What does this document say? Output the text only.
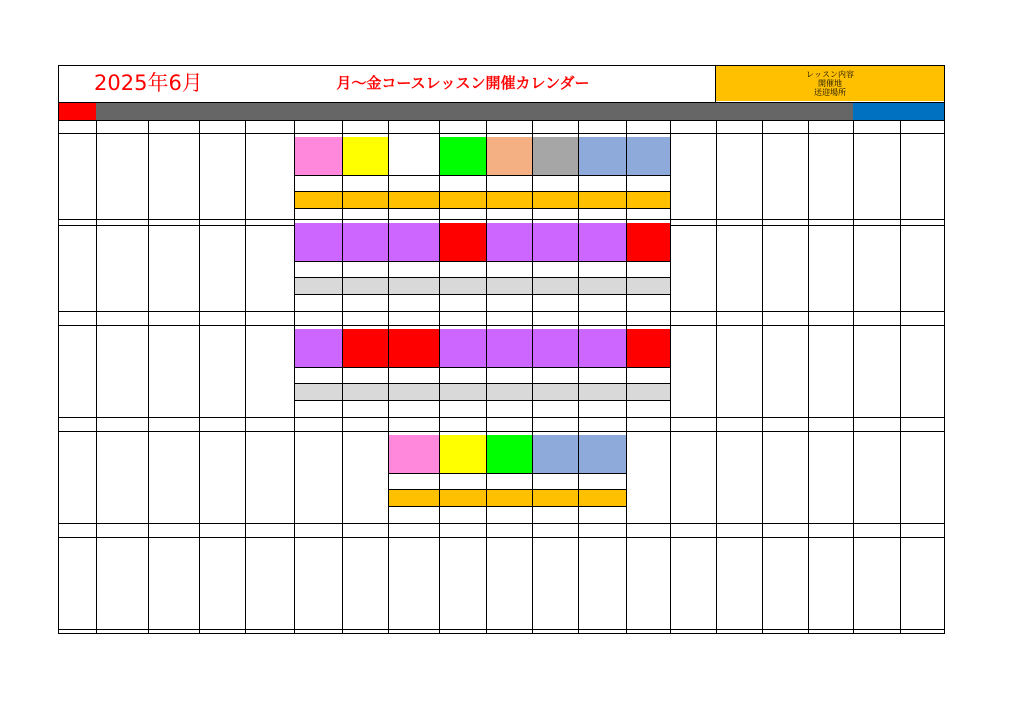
2025年6月	月～金コースレッスン開催カレンダー	レッスン内容
開催地
送迎場所
